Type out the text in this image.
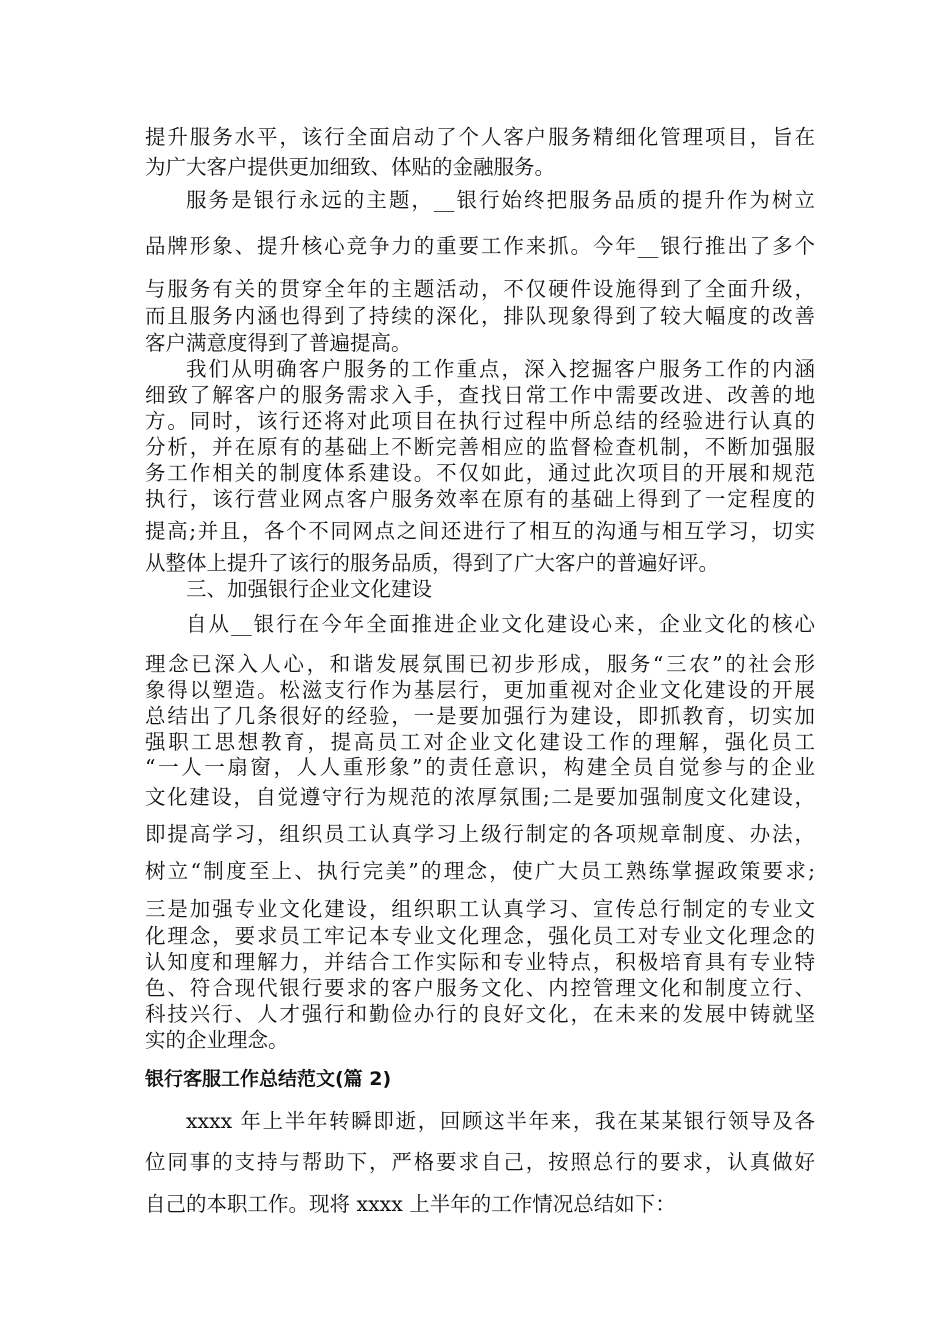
提升服务水平，该行全面启动了个人客户服务精细化管理项目，旨在
为广大客户提供更加细致、体贴的金融服务。
服务是银行永远的主题，__银行始终把服务品质的提升作为树立
品牌形象、提升核心竞争力的重要工作来抓。今年__银行推出了多个
与服务有关的贯穿全年的主题活动，不仅硬件设施得到了全面升级，
而且服务内涵也得到了持续的深化，排队现象得到了较大幅度的改善
客户满意度得到了普遍提高。
我们从明确客户服务的工作重点，深入挖掘客户服务工作的内涵
细致了解客户的服务需求入手，查找日常工作中需要改进、改善的地
方。同时，该行还将对此项目在执行过程中所总结的经验进行认真的
分析，并在原有的基础上不断完善相应的监督检查机制，不断加强服
务工作相关的制度体系建设。不仅如此，通过此次项目的开展和规范
执行，该行营业网点客户服务效率在原有的基础上得到了一定程度的
提高;并且，各个不同网点之间还进行了相互的沟通与相互学习，切实
从整体上提升了该行的服务品质，得到了广大客户的普遍好评。
三、加强银行企业文化建设
自从__银行在今年全面推进企业文化建设心来，企业文化的核心
理念已深入人心，和谐发展氛围已初步形成，服务“三农”的社会形
象得以塑造。松滋支行作为基层行，更加重视对企业文化建设的开展
总结出了几条很好的经验，一是要加强行为建设，即抓教育，切实加
强职工思想教育，提高员工对企业文化建设工作的理解，强化员工
“一人一扇窗，人人重形象”的责任意识，构建全员自觉参与的企业
文化建设，自觉遵守行为规范的浓厚氛围;二是要加强制度文化建设，
即提高学习，组织员工认真学习上级行制定的各项规章制度、办法，
树立“制度至上、执行完美”的理念，使广大员工熟练掌握政策要求;
三是加强专业文化建设，组织职工认真学习、宣传总行制定的专业文
化理念，要求员工牢记本专业文化理念，强化员工对专业文化理念的
认知度和理解力，并结合工作实际和专业特点，积极培育具有专业特
色、符合现代银行要求的客户服务文化、内控管理文化和制度立行、
科技兴行、人才强行和勤俭办行的良好文化，在未来的发展中铸就坚
实的企业理念。
银行客服工作总结范文(篇 2)
xxxx 年上半年转瞬即逝，回顾这半年来，我在某某银行领导及各
位同事的支持与帮助下，严格要求自己，按照总行的要求，认真做好
自己的本职工作。现将 xxxx 上半年的工作情况总结如下：
